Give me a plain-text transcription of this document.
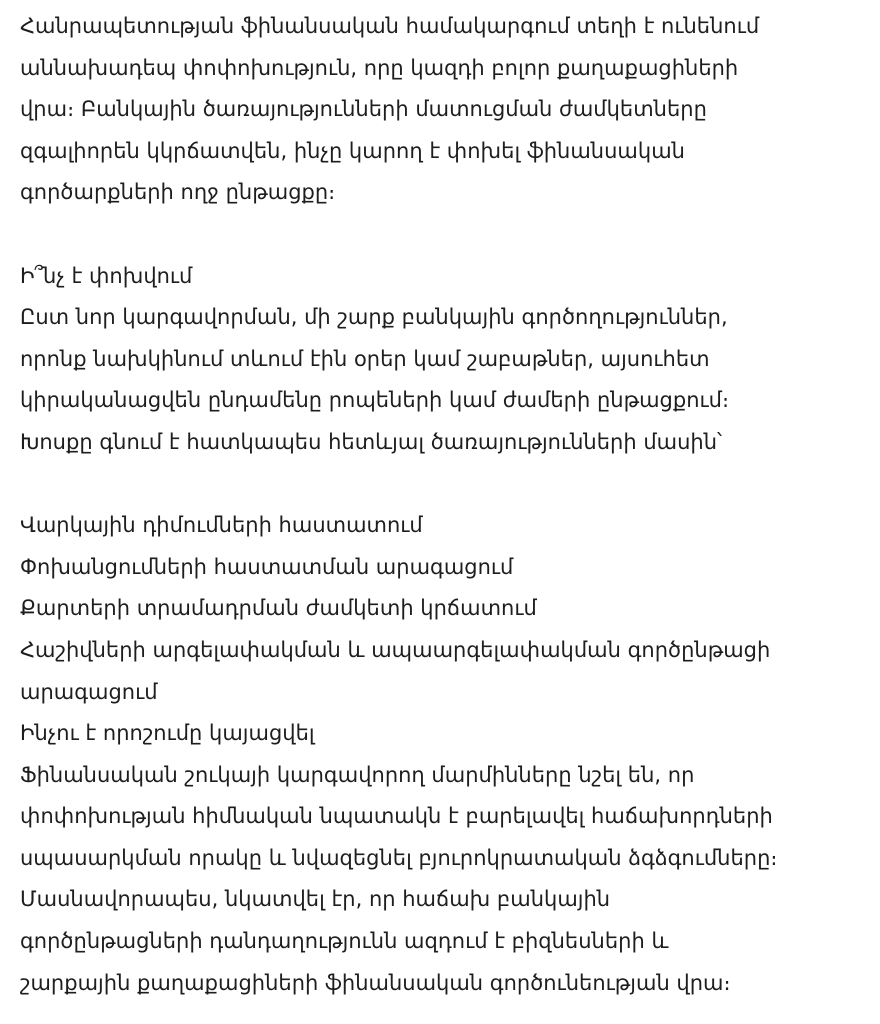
Հանրապետության ֆինանսական համակարգում տեղի է ունենում

աննախադեպ փոփոխություն, որը կազդի բոլոր քաղաքացիների

վրա։ Բանկային ծառայությունների մատուցման ժամկետները

զգալիորեն կկրճատվեն, ինչը կարող է փոխել ֆինանսական

գործարքների ողջ ընթացքը։

Ի՞նչ է փոխվում

Ըստ նոր կարգավորման, մի շարք բանկային գործողություններ,

որոնք նախկինում տևում էին օրեր կամ շաբաթներ, այսուհետ

կիրականացվեն ընդամենը րոպեների կամ ժամերի ընթացքում։

Խոսքը գնում է հատկապես հետևյալ ծառայությունների մասին՝

Վարկային դիմումների հաստատում
Փոխանցումների հաստատման արագացում
Քարտերի տրամադրման ժամկետի կրճատում
Հաշիվների արգելափակման և ապաարգելափակման գործընթացի
արագացում

Ինչու է որոշումը կայացվել

Ֆինանսական շուկայի կարգավորող մարմինները նշել են, որ

փոփոխության հիմնական նպատակն է բարելավել հաճախորդների

սպասարկման որակը և նվազեցնել բյուրոկրատական ձգձգումները։

Մասնավորապես, նկատվել էր, որ հաճախ բանկային

գործընթացների դանդաղությունն ազդում է բիզնեսների և

շարքային քաղաքացիների ֆինանսական գործունեության վրա։
